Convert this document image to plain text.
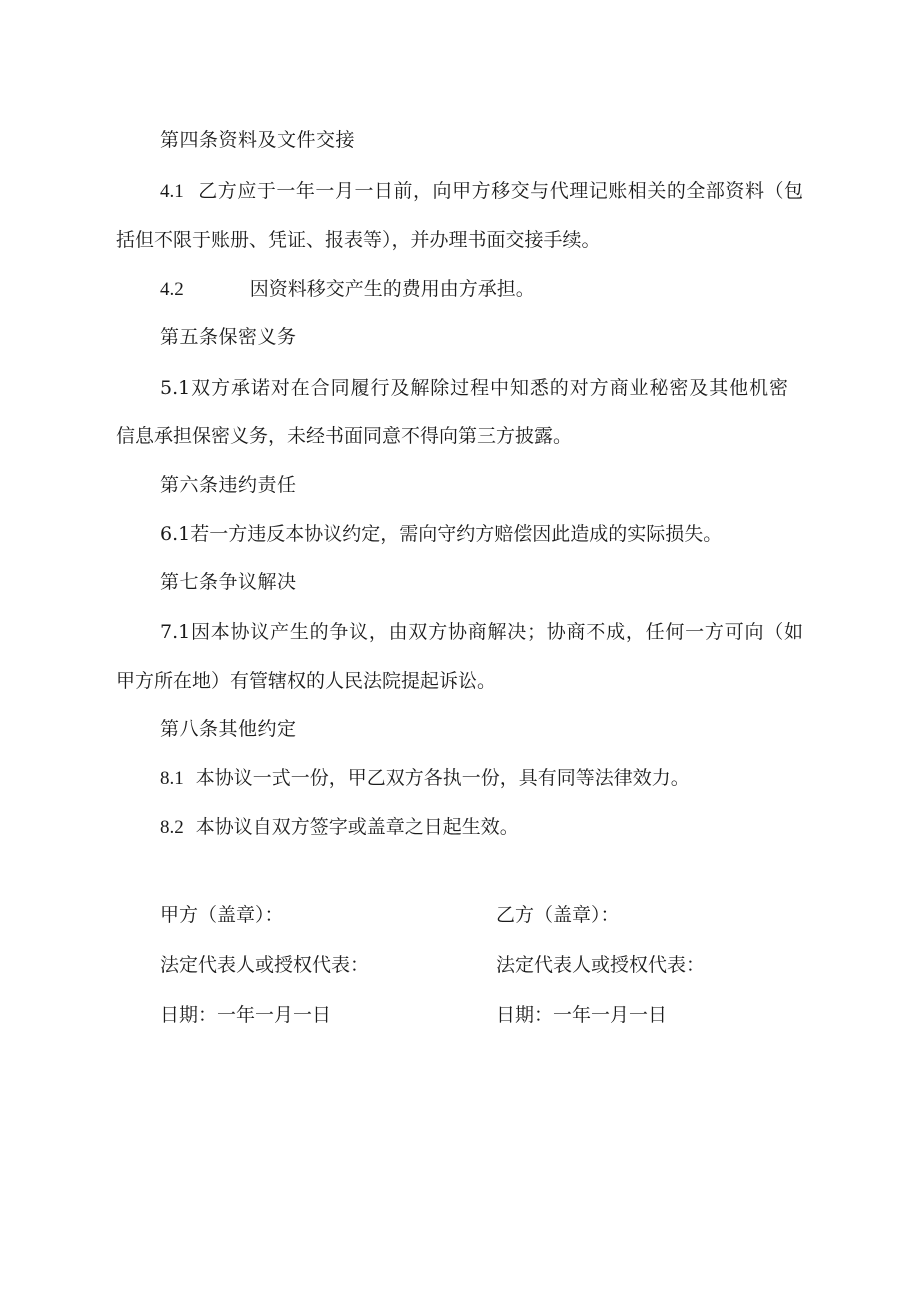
第四条资料及文件交接
4.1 乙方应于一年一月一日前，向甲方移交与代理记账相关的全部资料（包
括但不限于账册、凭证、报表等），并办理书面交接手续。
4.2	因资料移交产生的费用由方承担。
第五条保密义务
5.1双方承诺对在合同履行及解除过程中知悉的对方商业秘密及其他机密
信息承担保密义务，未经书面同意不得向第三方披露。
第六条违约责任
6.1若一方违反本协议约定，需向守约方赔偿因此造成的实际损失。
第七条争议解决
7.1因本协议产生的争议，由双方协商解决；协商不成，任何一方可向（如
甲方所在地）有管辖权的人民法院提起诉讼。
第八条其他约定
8.1 本协议一式一份，甲乙双方各执一份，具有同等法律效力。
8.2 本协议自双方签字或盖章之日起生效。
甲方（盖章）：
法定代表人或授权代表：
日期：一年一月一日
乙方（盖章）：
法定代表人或授权代表：
日期：一年一月一日
